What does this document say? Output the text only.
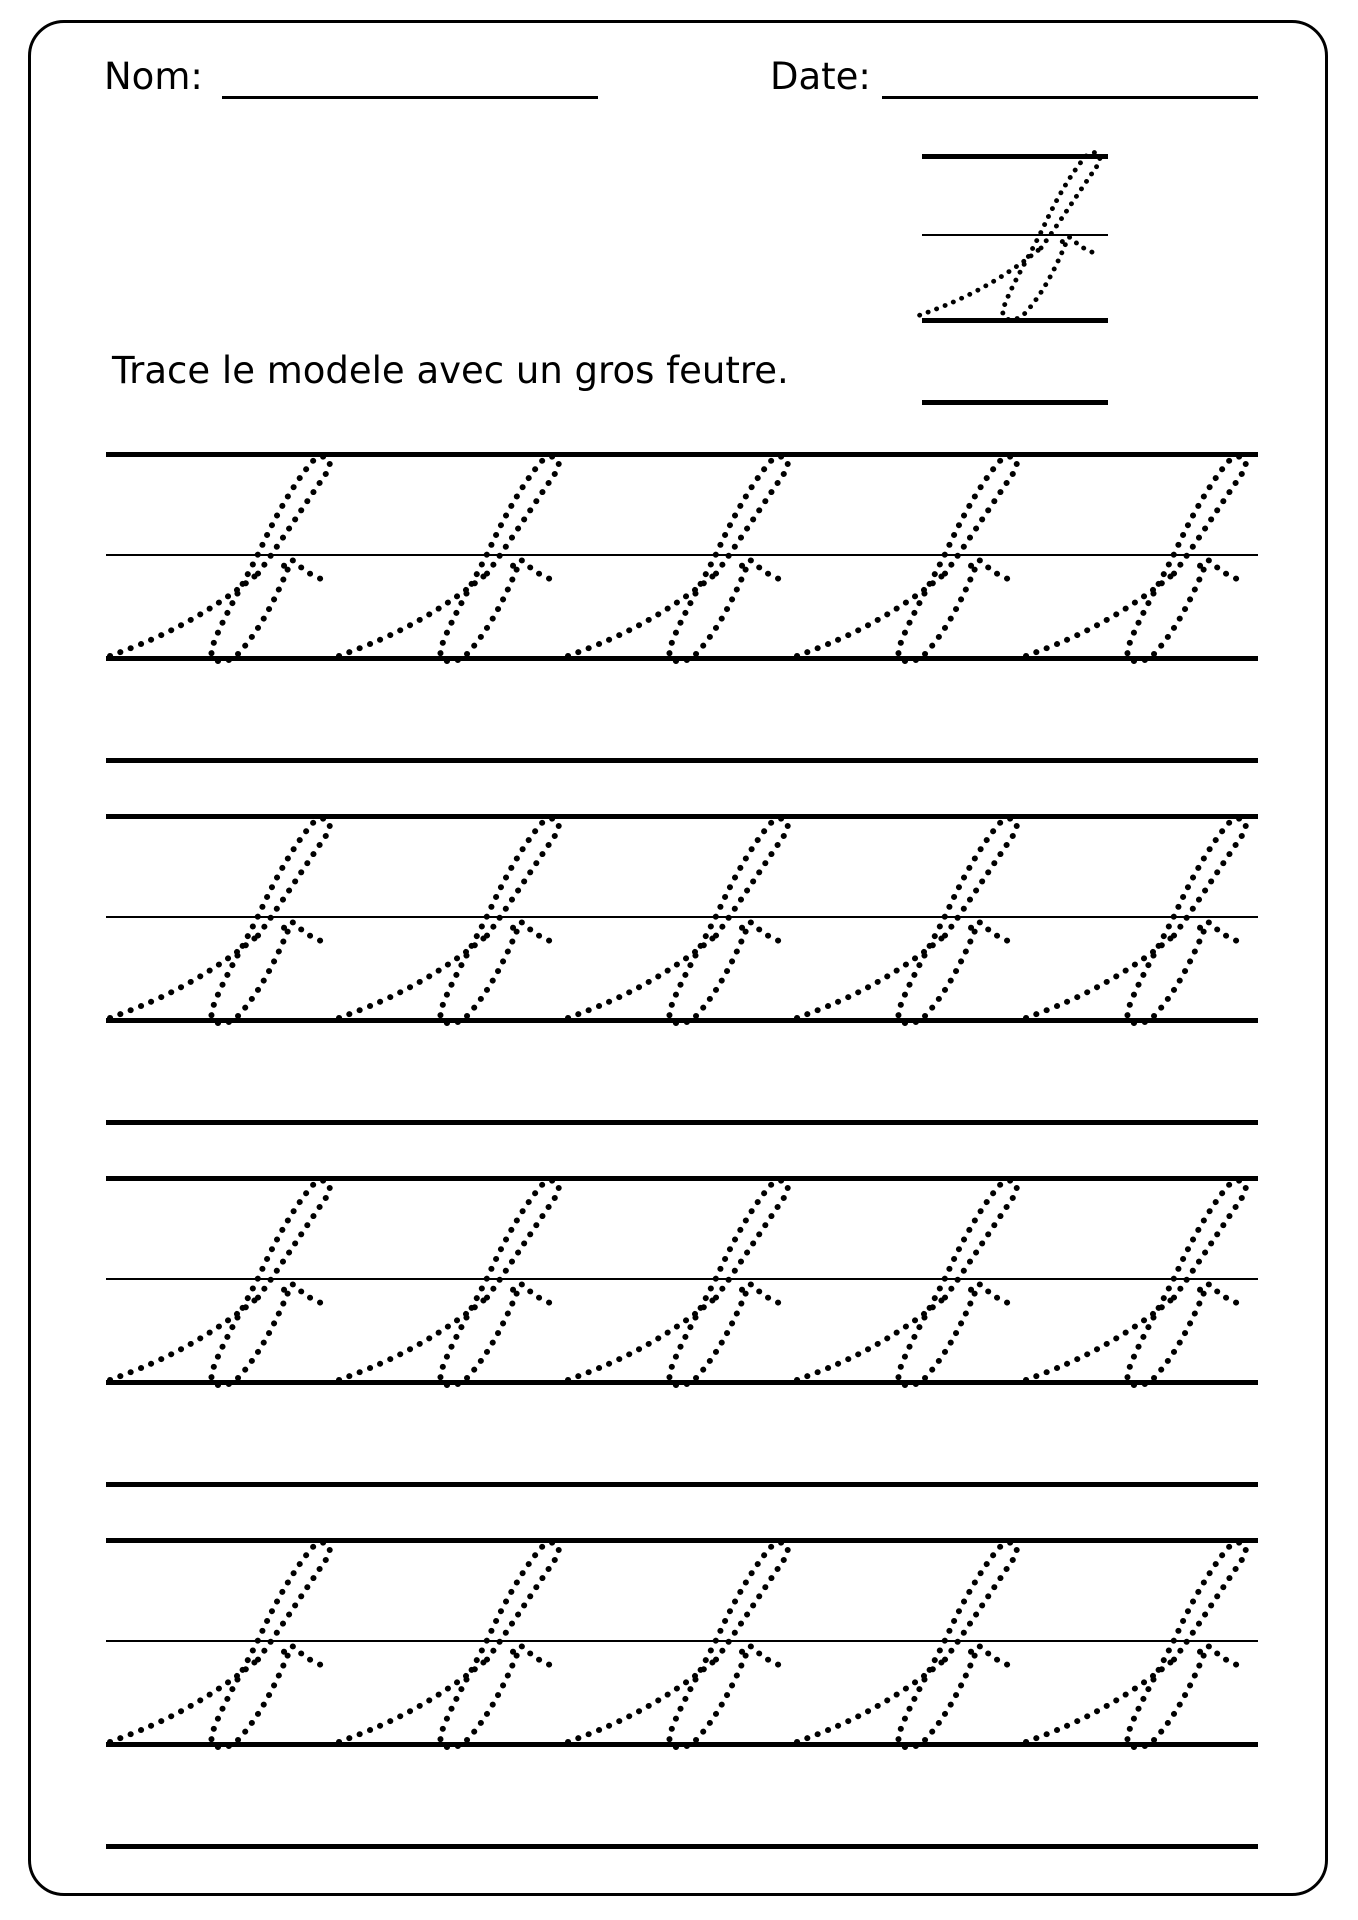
Nom:	Date:
Trace le modele avec un gros feutre.
